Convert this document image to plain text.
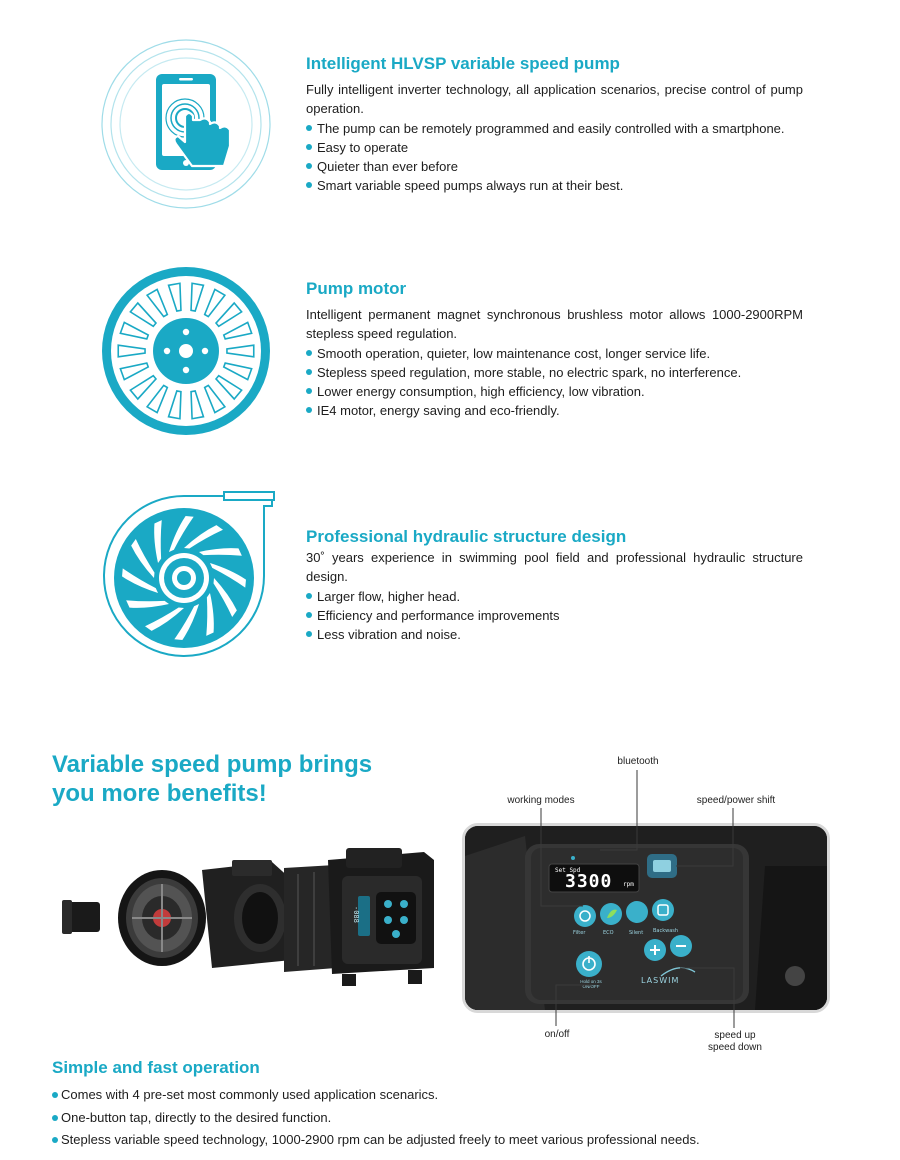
Intelligent HLVSP variable speed pump

Fully intelligent inverter technology, all application scenarios, precise control of pump operation.

The pump can be remotely programmed and easily controlled with a smartphone.
Easy to operate
Quieter than ever before
Smart variable speed pumps always run at their best.
Pump motor

Intelligent permanent magnet synchronous brushless motor allows 1000-2900RPM stepless speed regulation.

Smooth operation, quieter, low maintenance cost, longer service life.
Stepless speed regulation, more stable, no electric spark, no interference.
Lower energy consumption, high efficiency, low vibration.
IE4 motor, energy saving and eco-friendly.
Professional hydraulic structure design

30˚ years experience in swimming pool field and professional hydraulic structure design.

Larger flow, higher head.
Efficiency and performance improvements
Less vibration and noise.
Variable speed pump brings
you more benefits!
Set Spd
3300 rpm
Filter	ECO	Silent Backwash
Hold on 3s ON/OFF
LASWIM
-088
bluetooth
working modes	speed/power shift
on/off	speed up
speed down
Simple and fast operation
Comes with 4 pre-set most commonly used application scenarics.
One-button tap, directly to the desired function.
Stepless variable speed technology, 1000-2900 rpm can be adjusted freely to meet various professional needs.
